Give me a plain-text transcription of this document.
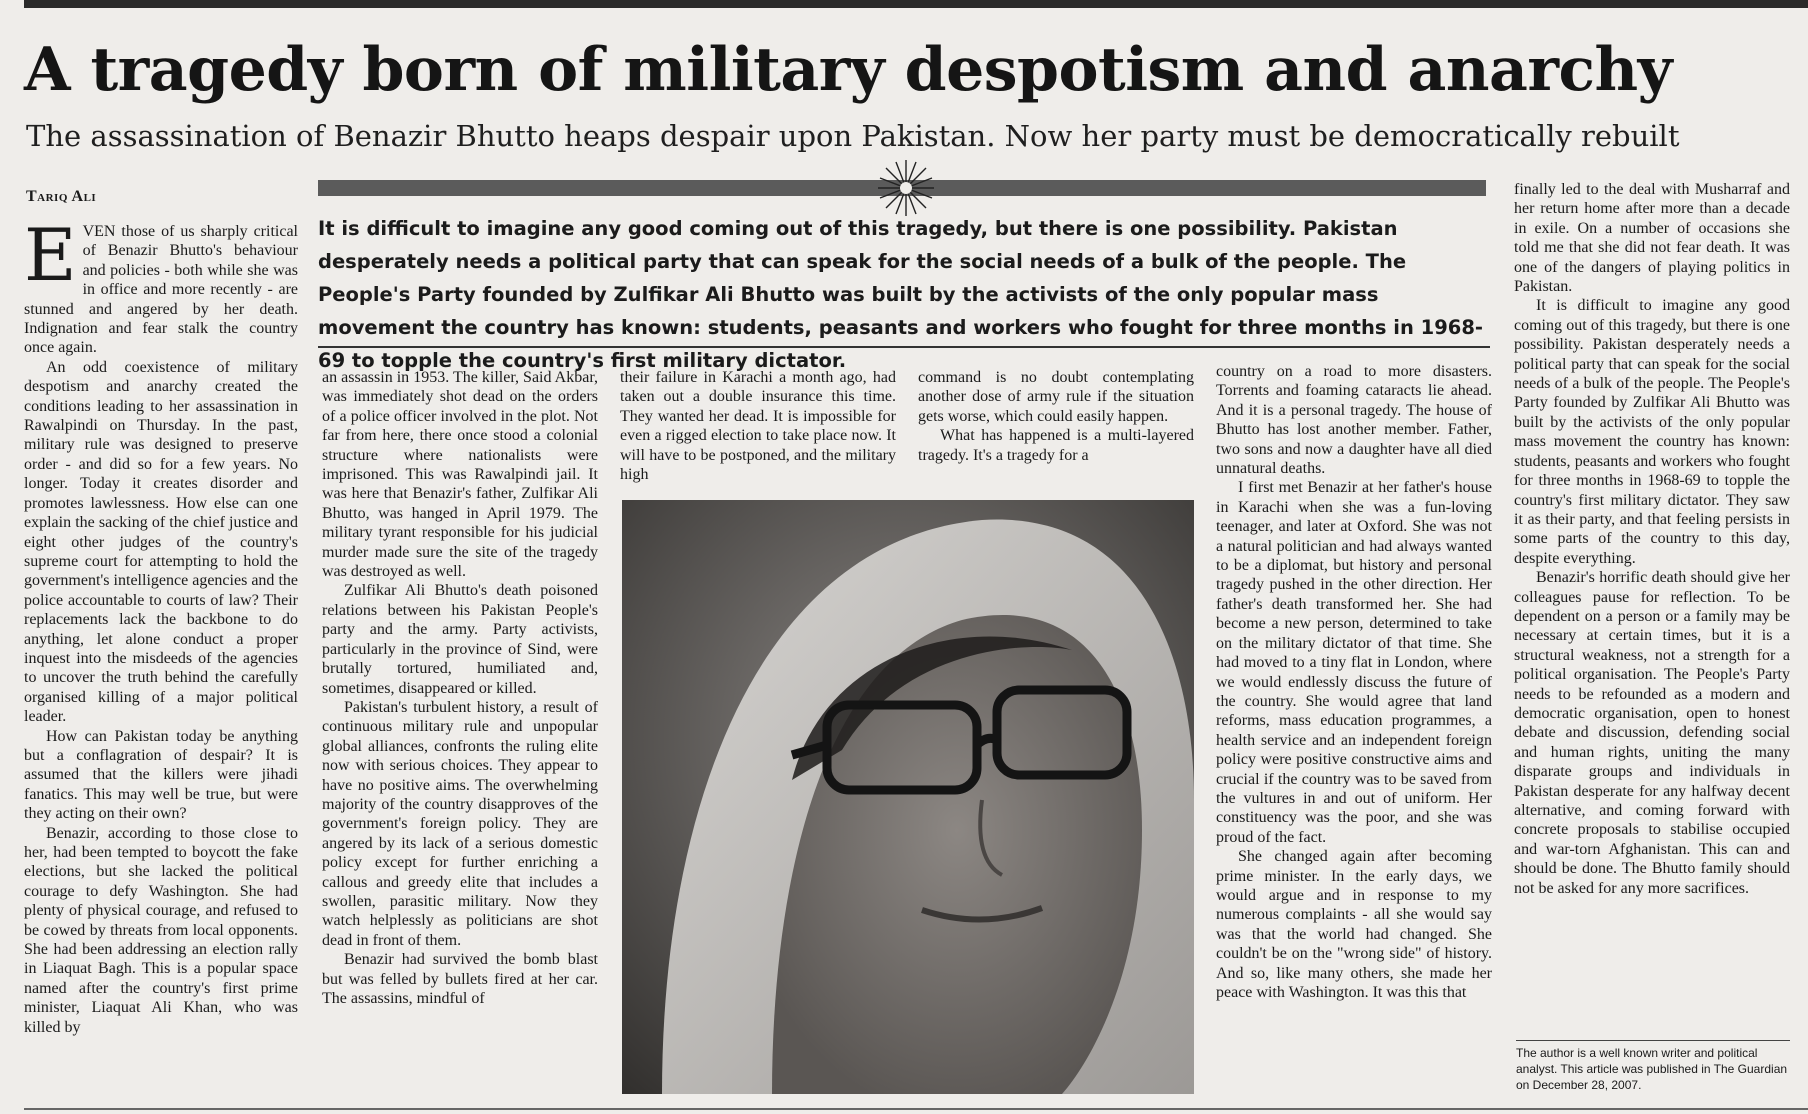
A tragedy born of military despotism and anarchy

The assassination of Benazir Bhutto heaps despair upon Pakistan. Now her party must be democratically rebuilt

Tariq Ali

It is difficult to imagine any good coming out of this tragedy, but there is one possibility. Pakistan desperately needs a political party that can speak for the social needs of a bulk of the people. The People's Party founded by Zulfikar Ali Bhutto was built by the activists of the only popular mass movement the country has known: students, peasants and workers who fought for three months in 1968-69 to topple the country's first military dictator.

EVEN those of us sharply critical of Benazir Bhutto's behaviour and policies - both while she was in office and more recently - are stunned and angered by her death. Indignation and fear stalk the country once again.

An odd coexistence of military despotism and anarchy created the conditions leading to her assassination in Rawalpindi on Thursday. In the past, military rule was designed to preserve order - and did so for a few years. No longer. Today it creates disorder and promotes lawlessness. How else can one explain the sacking of the chief justice and eight other judges of the country's supreme court for attempting to hold the government's intelligence agencies and the police accountable to courts of law? Their replacements lack the backbone to do anything, let alone conduct a proper inquest into the misdeeds of the agencies to uncover the truth behind the carefully organised killing of a major political leader.

How can Pakistan today be anything but a conflagration of despair? It is assumed that the killers were jihadi fanatics. This may well be true, but were they acting on their own?

Benazir, according to those close to her, had been tempted to boycott the fake elections, but she lacked the political courage to defy Washington. She had plenty of physical courage, and refused to be cowed by threats from local opponents. She had been addressing an election rally in Liaquat Bagh. This is a popular space named after the country's first prime minister, Liaquat Ali Khan, who was killed by

an assassin in 1953. The killer, Said Akbar, was immediately shot dead on the orders of a police officer involved in the plot. Not far from here, there once stood a colonial structure where nationalists were imprisoned. This was Rawalpindi jail. It was here that Benazir's father, Zulfikar Ali Bhutto, was hanged in April 1979. The military tyrant responsible for his judicial murder made sure the site of the tragedy was destroyed as well.

Zulfikar Ali Bhutto's death poisoned relations between his Pakistan People's party and the army. Party activists, particularly in the province of Sind, were brutally tortured, humiliated and, sometimes, disappeared or killed.

Pakistan's turbulent history, a result of continuous military rule and unpopular global alliances, confronts the ruling elite now with serious choices. They appear to have no positive aims. The overwhelming majority of the country disapproves of the government's foreign policy. They are angered by its lack of a serious domestic policy except for further enriching a callous and greedy elite that includes a swollen, parasitic military. Now they watch helplessly as politicians are shot dead in front of them.

Benazir had survived the bomb blast but was felled by bullets fired at her car. The assassins, mindful of

their failure in Karachi a month ago, had taken out a double insurance this time. They wanted her dead. It is impossible for even a rigged election to take place now. It will have to be postponed, and the military high

command is no doubt contemplating another dose of army rule if the situation gets worse, which could easily happen.

What has happened is a multi-layered tragedy. It's a tragedy for a

country on a road to more disasters. Torrents and foaming cataracts lie ahead. And it is a personal tragedy. The house of Bhutto has lost another member. Father, two sons and now a daughter have all died unnatural deaths.

I first met Benazir at her father's house in Karachi when she was a fun-loving teenager, and later at Oxford. She was not a natural politician and had always wanted to be a diplomat, but history and personal tragedy pushed in the other direction. Her father's death transformed her. She had become a new person, determined to take on the military dictator of that time. She had moved to a tiny flat in London, where we would endlessly discuss the future of the country. She would agree that land reforms, mass education programmes, a health service and an independent foreign policy were positive constructive aims and crucial if the country was to be saved from the vultures in and out of uniform. Her constituency was the poor, and she was proud of the fact.

She changed again after becoming prime minister. In the early days, we would argue and in response to my numerous complaints - all she would say was that the world had changed. She couldn't be on the "wrong side" of history. And so, like many others, she made her peace with Washington. It was this that

finally led to the deal with Musharraf and her return home after more than a decade in exile. On a number of occasions she told me that she did not fear death. It was one of the dangers of playing politics in Pakistan.

It is difficult to imagine any good coming out of this tragedy, but there is one possibility. Pakistan desperately needs a political party that can speak for the social needs of a bulk of the people. The People's Party founded by Zulfikar Ali Bhutto was built by the activists of the only popular mass movement the country has known: students, peasants and workers who fought for three months in 1968-69 to topple the country's first military dictator. They saw it as their party, and that feeling persists in some parts of the country to this day, despite everything.

Benazir's horrific death should give her colleagues pause for reflection. To be dependent on a person or a family may be necessary at certain times, but it is a structural weakness, not a strength for a political organisation. The People's Party needs to be refounded as a modern and democratic organisation, open to honest debate and discussion, defending social and human rights, uniting the many disparate groups and individuals in Pakistan desperate for any halfway decent alternative, and coming forward with concrete proposals to stabilise occupied and war-torn Afghanistan. This can and should be done. The Bhutto family should not be asked for any more sacrifices.

The author is a well known writer and political analyst. This article was published in The Guardian on December 28, 2007.
